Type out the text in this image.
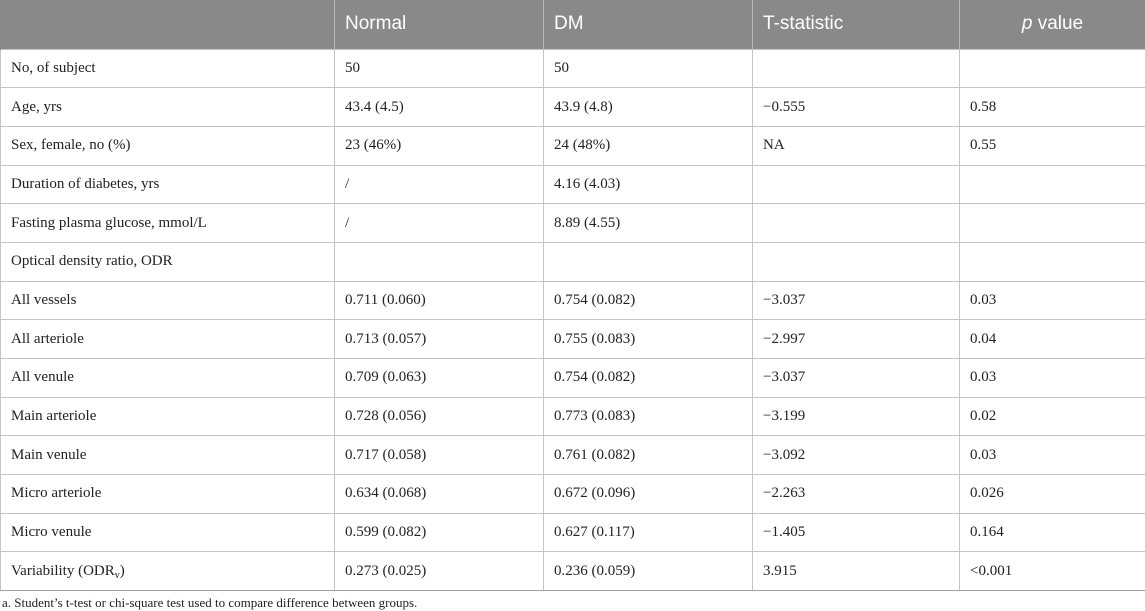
	Normal	DM	T-statistic	p value
No, of subject	50	50		
Age, yrs	43.4 (4.5)	43.9 (4.8)	−0.555	0.58
Sex, female, no (%)	23 (46%)	24 (48%)	NA	0.55
Duration of diabetes, yrs	/	4.16 (4.03)		
Fasting plasma glucose, mmol/L	/	8.89 (4.55)		
Optical density ratio, ODR				
All vessels	0.711 (0.060)	0.754 (0.082)	−3.037	0.03
All arteriole	0.713 (0.057)	0.755 (0.083)	−2.997	0.04
All venule	0.709 (0.063)	0.754 (0.082)	−3.037	0.03
Main arteriole	0.728 (0.056)	0.773 (0.083)	−3.199	0.02
Main venule	0.717 (0.058)	0.761 (0.082)	−3.092	0.03
Micro arteriole	0.634 (0.068)	0.672 (0.096)	−2.263	0.026
Micro venule	0.599 (0.082)	0.627 (0.117)	−1.405	0.164
Variability $(ODR_v)$	0.273 (0.025)	0.236 (0.059)	3.915	<0.001
a. Student’s t-test or chi-square test used to compare difference between groups.
